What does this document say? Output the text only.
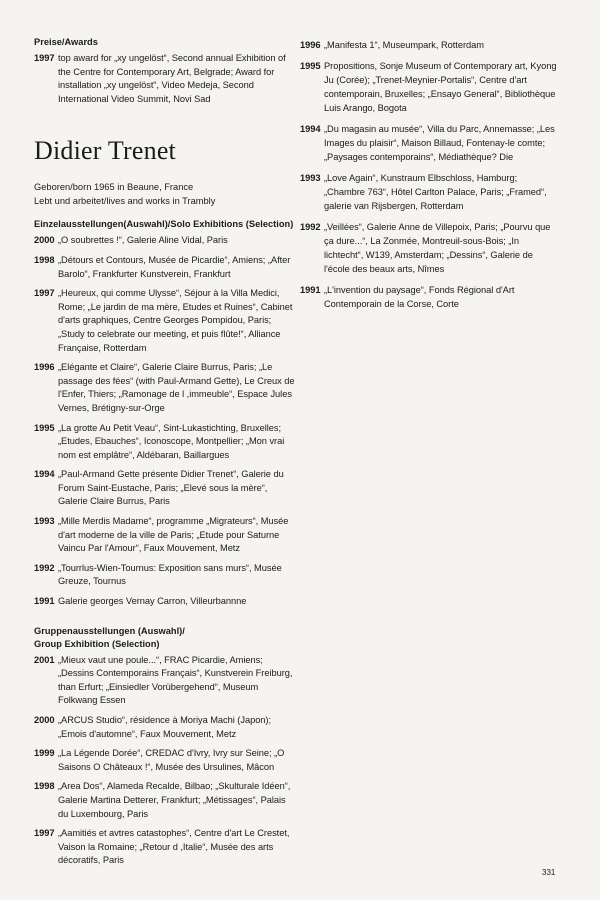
Preise/Awards
1997 top award for „xy ungelöst“, Second annual Exhibition of the Centre for Contemporary Art, Belgrade; Award for installation „xy ungelöst“, Video Medeja, Second International Video Summit, Novi Sad
Didier Trenet
Geboren/born 1965 in Beaune, France
Lebt und arbeitet/lives and works in Trambly
Einzelausstellungen(Auswahl)/Solo Exhibitions (Selection)
2000 „O soubrettes !“, Galerie Aline Vidal, Paris
1998 „Détours et Contours, Musée de Picardie“, Amiens; „After Barolo“, Frankfurter Kunstverein, Frankfurt
1997 „Heureux, qui comme Ulysse“, Séjour à la Villa Medici, Rome; „Le jardin de ma mère, Etudes et Ruines“, Cabinet d'arts graphiques, Centre Georges Pompidou, Paris; „Study to celebrate our meeting, et puis flûte!“, Alliance Française, Rotterdam
1996 „Elégante et Claire“, Galerie Claire Burrus, Paris; „Le passage des fées“ (with Paul-Armand Gette), Le Creux de l'Enfer, Thiers; „Ramonage de l ,immeuble“, Espace Jules Vernes, Brétigny-sur-Orge
1995 „La grotte Au Petit Veau“, Sint-Lukastichting, Bruxelles; „Etudes, Ebauches“, Iconoscope, Montpellier; „Mon vrai nom est emplâtre“, Aldébaran, Baillargues
1994 „Paul-Armand Gette présente Didier Trenet“, Galerie du Forum Saint-Eustache, Paris; „Elevé sous la mère“, Galerie Claire Burrus, Paris
1993 „Mille Merdis Madame“, programme „Migrateurs“, Musée d'art moderne de la ville de Paris; „Etude pour Saturne Vaincu Par l'Amour“, Faux Mouvement, Metz
1992 „Tourrlus-Wien-Tournus: Exposition sans murs“, Musée Greuze, Tournus
1991 Galerie georges Vernay Carron, Villeurbannne
Gruppenausstellungen (Auswahl)/
Group Exhibition (Selection)
2001 „Mieux vaut une poule...“, FRAC Picardie, Amiens; „Dessins Contemporains Français“, Kunstverein Freiburg, than Erfurt; „Einsiedler Vorübergehend“, Museum Folkwang Essen
2000 „ARCUS Studio“, résidence à Moriya Machi (Japon); „Emois d'automne“, Faux Mouvement, Metz
1999 „La Légende Dorée“, CREDAC d'Ivry, Ivry sur Seine; „O Saisons O Châteaux !“, Musée des Ursulines, Mâcon
1998 „Area Dos“, Alameda Recalde, Bilbao; „Skulturale Idéen“, Galerie Martina Detterer, Frankfurt; „Métissages“, Palais du Luxembourg, Paris
1997 „Aamitiés et avtres catastophes“, Centre d'art Le Crestet, Vaison la Romaine; „Retour d ,Italie“, Musée des arts décoratifs, Paris
1996 „Manifesta 1“, Museumpark, Rotterdam
1995 Propositions, Sonje Museum of Contemporary art, Kyong Ju (Corée); „Trenet-Meynier-Portalis“, Centre d'art contemporain, Bruxelles; „Ensayo General“, Bibliothèque Luis Arango, Bogota
1994 „Du magasin au musée“, Villa du Parc, Annemasse; „Les Images du plaisir“, Maison Billaud, Fontenay-le comte; „Paysages contemporains“, Médiathèque? Die
1993 „Love Again“, Kunstraum Elbschloss, Hamburg; „Chambre 763“, Hôtel Carlton Palace, Paris; „Framed“, galerie van Rijsbergen, Rotterdam
1992 „Veillées“, Galerie Anne de Villepoix, Paris; „Pourvu que ça dure...“, La Zonmée, Montreuil-sous-Bois; „In lichtecht“, W139, Amsterdam; „Dessins“, Galerie de l'école des beaux arts, Nîmes
1991 „L'invention du paysage“, Fonds Régional d'Art Contemporain de la Corse, Corte
331
